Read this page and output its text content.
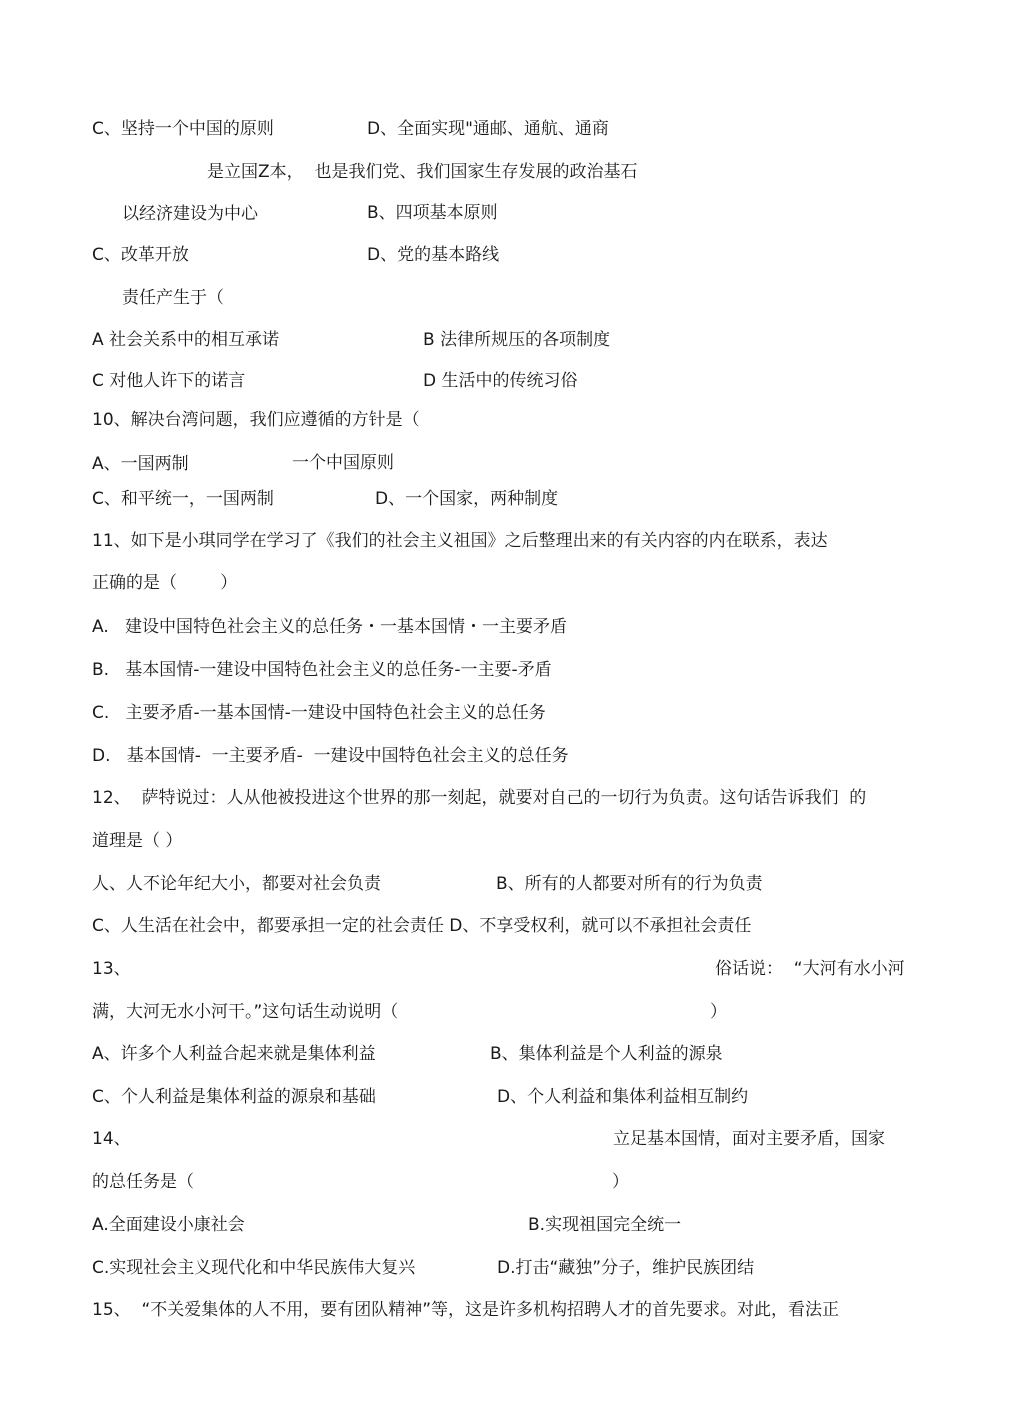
C、坚持一个中国的原则	D、全面实现"通邮、通航、通商
是立国Z本，  也是我们党、我们国家生存发展的政治基石
以经济建设为中心	B、四项基本原则
C、改革开放	D、党的基本路线
责任产生于（
A 社会关系中的相互承诺	B 法律所规压的各项制度
C 对他人许下的诺言	D 生活中的传统习俗
10、解决台湾问题，我们应遵循的方针是（
A、一国两制	一个中国原则
C、和平统一，一国两制	D、一个国家，两种制度
11、如下是小琪同学在学习了《我们的社会主义祖国》之后整理出来的有关内容的内在联系，表达
正确的是（        ）
A.   建设中国特色社会主义的总任务・一基本国情・一主要矛盾
B.   基本国情-一建设中国特色社会主义的总任务-一主要-矛盾
C.   主要矛盾-一基本国情-一建设中国特色社会主义的总任务
D.   基本国情-  一主要矛盾-  一建设中国特色社会主义的总任务
12、  萨特说过：人从他被投进这个世界的那一刻起，就要对自己的一切行为负责。这句话告诉我们  的
道理是（ ）
人、人不论年纪大小，都要对社会负责	B、所有的人都要对所有的行为负责
C、人生活在社会中，都要承担一定的社会责任 D、不享受权利，就可以不承担社会责任
13、	俗话说：  “大河有水小河
满，大河无水小河干。”这句话生动说明（	）
A、许多个人利益合起来就是集体利益	B、集体利益是个人利益的源泉
C、个人利益是集体利益的源泉和基础	D、个人利益和集体利益相互制约
14、	立足基本国情，面对主要矛盾，国家
的总任务是（	）
A.全面建设小康社会	B.实现祖国完全统一
C.实现社会主义现代化和中华民族伟大复兴	D.打击“藏独”分子，维护民族团结
15、  “不关爱集体的人不用，要有团队精神”等，这是许多机构招聘人才的首先要求。对此，看法正
